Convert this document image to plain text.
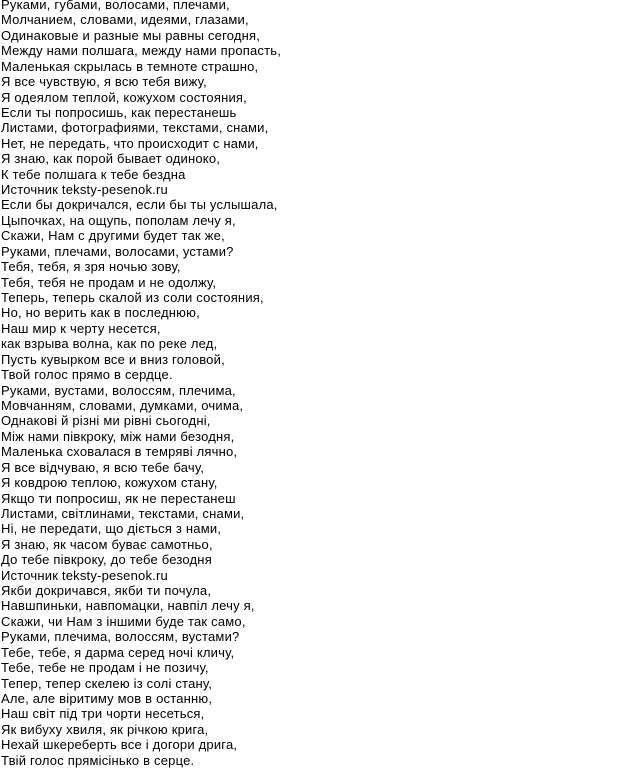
Руками, губами, волосами, плечами,
Молчанием, словами, идеями, глазами,
Одинаковые и разные мы равны сегодня,
Между нами полшага, между нами пропасть,
Маленькая скрылась в темноте страшно,
Я все чувствую, я всю тебя вижу,
Я одеялом теплой, кожухом состояния,
Если ты попросишь, как перестанешь
Листами, фотографиями, текстами, снами,
Нет, не передать, что происходит с нами,
Я знаю, как порой бывает одиноко,
К тебе полшага к тебе бездна
Источник teksty-pesenok.ru
Если бы докричался, если бы ты услышала,
Цыпочках, на ощупь, пополам лечу я,
Скажи, Нам с другими будет так же,
Руками, плечами, волосами, устами?
Тебя, тебя, я зря ночью зову,
Тебя, тебя не продам и не одолжу,
Теперь, теперь скалой из соли состояния,
Но, но верить как в последнюю,
Наш мир к черту несется,
как взрыва волна, как по реке лед,
Пусть кувырком все и вниз головой,
Твой голос прямо в сердце.
Руками, вустами, волоссям, плечима,
Мовчанням, словами, думками, очима,
Однакові й різні ми рівні сьогодні,
Між нами півкроку, між нами безодня,
Маленька сховалася в темряві лячно,
Я все відчуваю, я всю тебе бачу,
Я ковдрою теплою, кожухом стану,
Якщо ти попросиш, як не перестанеш
Листами, світлинами, текстами, снами,
Ні, не передати, що діється з нами,
Я знаю, як часом буває самотньо,
До тебе півкроку, до тебе безодня
Источник teksty-pesenok.ru
Якби докричався, якби ти почула,
Навшпиньки, навпомацки, навпіл лечу я,
Скажи, чи Нам з іншими буде так само,
Руками, плечима, волоссям, вустами?
Тебе, тебе, я дарма серед ночі кличу,
Тебе, тебе не продам і не позичу,
Тепер, тепер скелею із солі стану,
Але, але віритиму мов в останню,
Наш світ під три чорти несеться,
Як вибуху хвиля, як річкою крига,
Нехай шкереберть все і догори дрига,
Твій голос прямісінько в серце.
